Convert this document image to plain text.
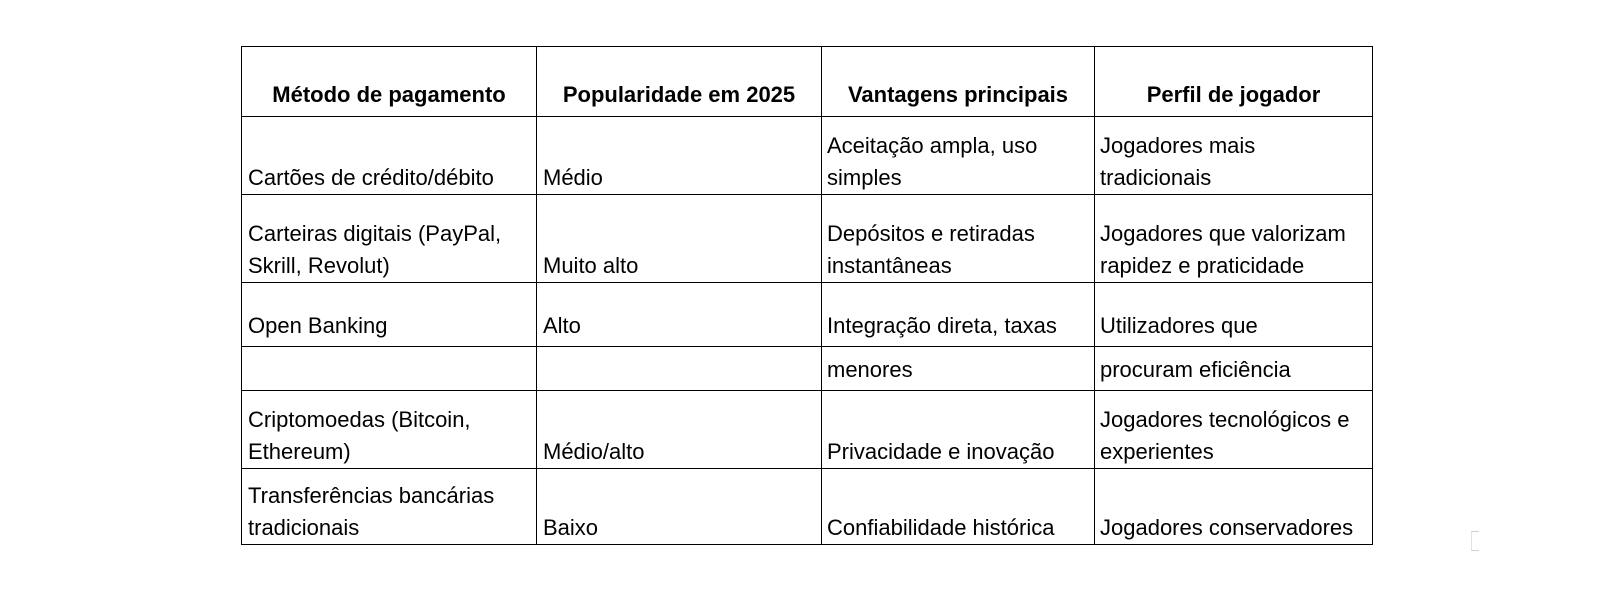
Método de pagamento	Popularidade em 2025	Vantagens principais	Perfil de jogador
Cartões de crédito/débito	Médio	Aceitação ampla, uso simples	Jogadores mais tradicionais
Carteiras digitais (PayPal, Skrill, Revolut)	Muito alto	Depósitos e retiradas instantâneas	Jogadores que valorizam rapidez e praticidade
Open Banking	Alto	Integração direta, taxas	Utilizadores que
		menores	procuram eficiência
Criptomoedas (Bitcoin, Ethereum)	Médio/alto	Privacidade e inovação	Jogadores tecnológicos e experientes
Transferências bancárias tradicionais	Baixo	Confiabilidade histórica	Jogadores conservadores
